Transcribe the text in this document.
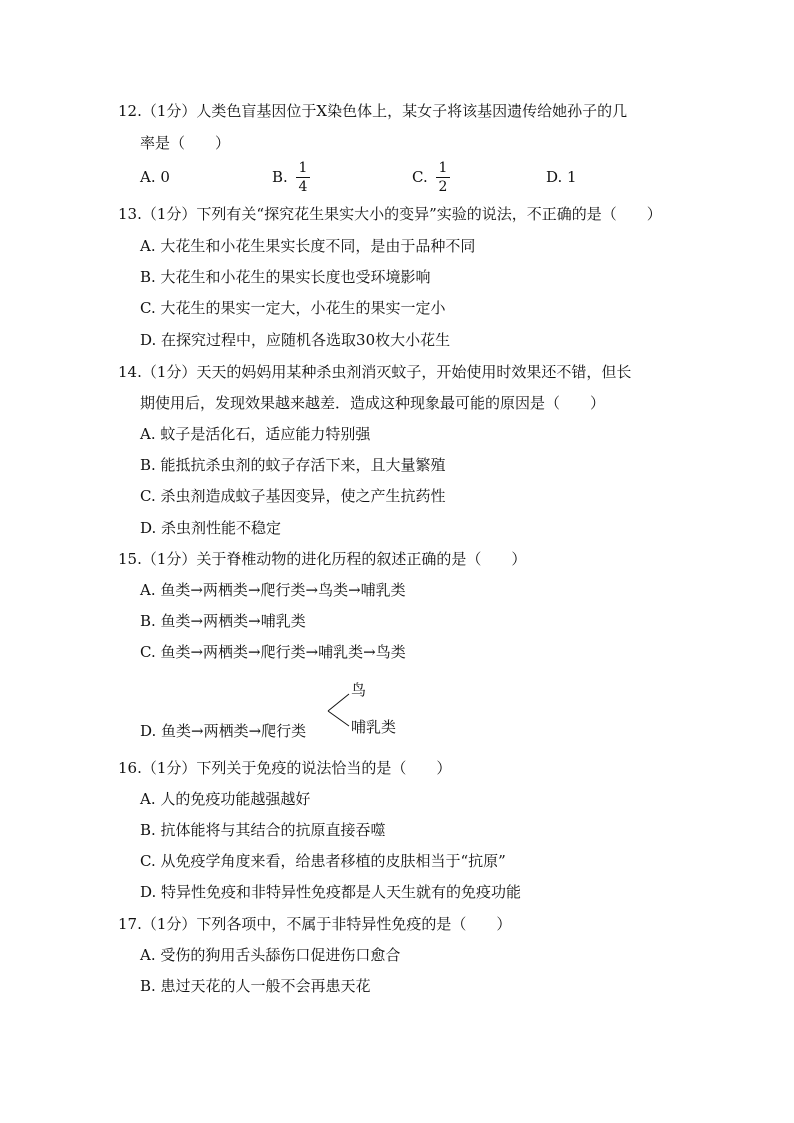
12.（1分）人类色盲基因位于X染色体上，某女子将该基因遗传给她孙子的几
率是（　　）
A. 0	B. 1
4
C. 1
2
D. 1
13.（1分）下列有关“探究花生果实大小的变异”实验的说法，不正确的是（　　）
A. 大花生和小花生果实长度不同，是由于品种不同
B. 大花生和小花生的果实长度也受环境影响
C. 大花生的果实一定大，小花生的果实一定小
D. 在探究过程中，应随机各选取30枚大小花生
14.（1分）天天的妈妈用某种杀虫剂消灭蚊子，开始使用时效果还不错，但长
期使用后，发现效果越来越差．造成这种现象最可能的原因是（　　）
A. 蚊子是活化石，适应能力特别强
B. 能抵抗杀虫剂的蚊子存活下来，且大量繁殖
C. 杀虫剂造成蚊子基因变异，使之产生抗药性
D. 杀虫剂性能不稳定
15.（1分）关于脊椎动物的进化历程的叙述正确的是（　　）
A. 鱼类→两栖类→爬行类→鸟类→哺乳类
B. 鱼类→两栖类→哺乳类
C. 鱼类→两栖类→爬行类→哺乳类→鸟类
D. 鱼类→两栖类→爬行类
鸟
哺乳类
16.（1分）下列关于免疫的说法恰当的是（　　）
A. 人的免疫功能越强越好
B. 抗体能将与其结合的抗原直接吞噬
C. 从免疫学角度来看，给患者移植的皮肤相当于“抗原”
D. 特异性免疫和非特异性免疫都是人天生就有的免疫功能
17.（1分）下列各项中，不属于非特异性免疫的是（　　）
A. 受伤的狗用舌头舔伤口促进伤口愈合
B. 患过天花的人一般不会再患天花
